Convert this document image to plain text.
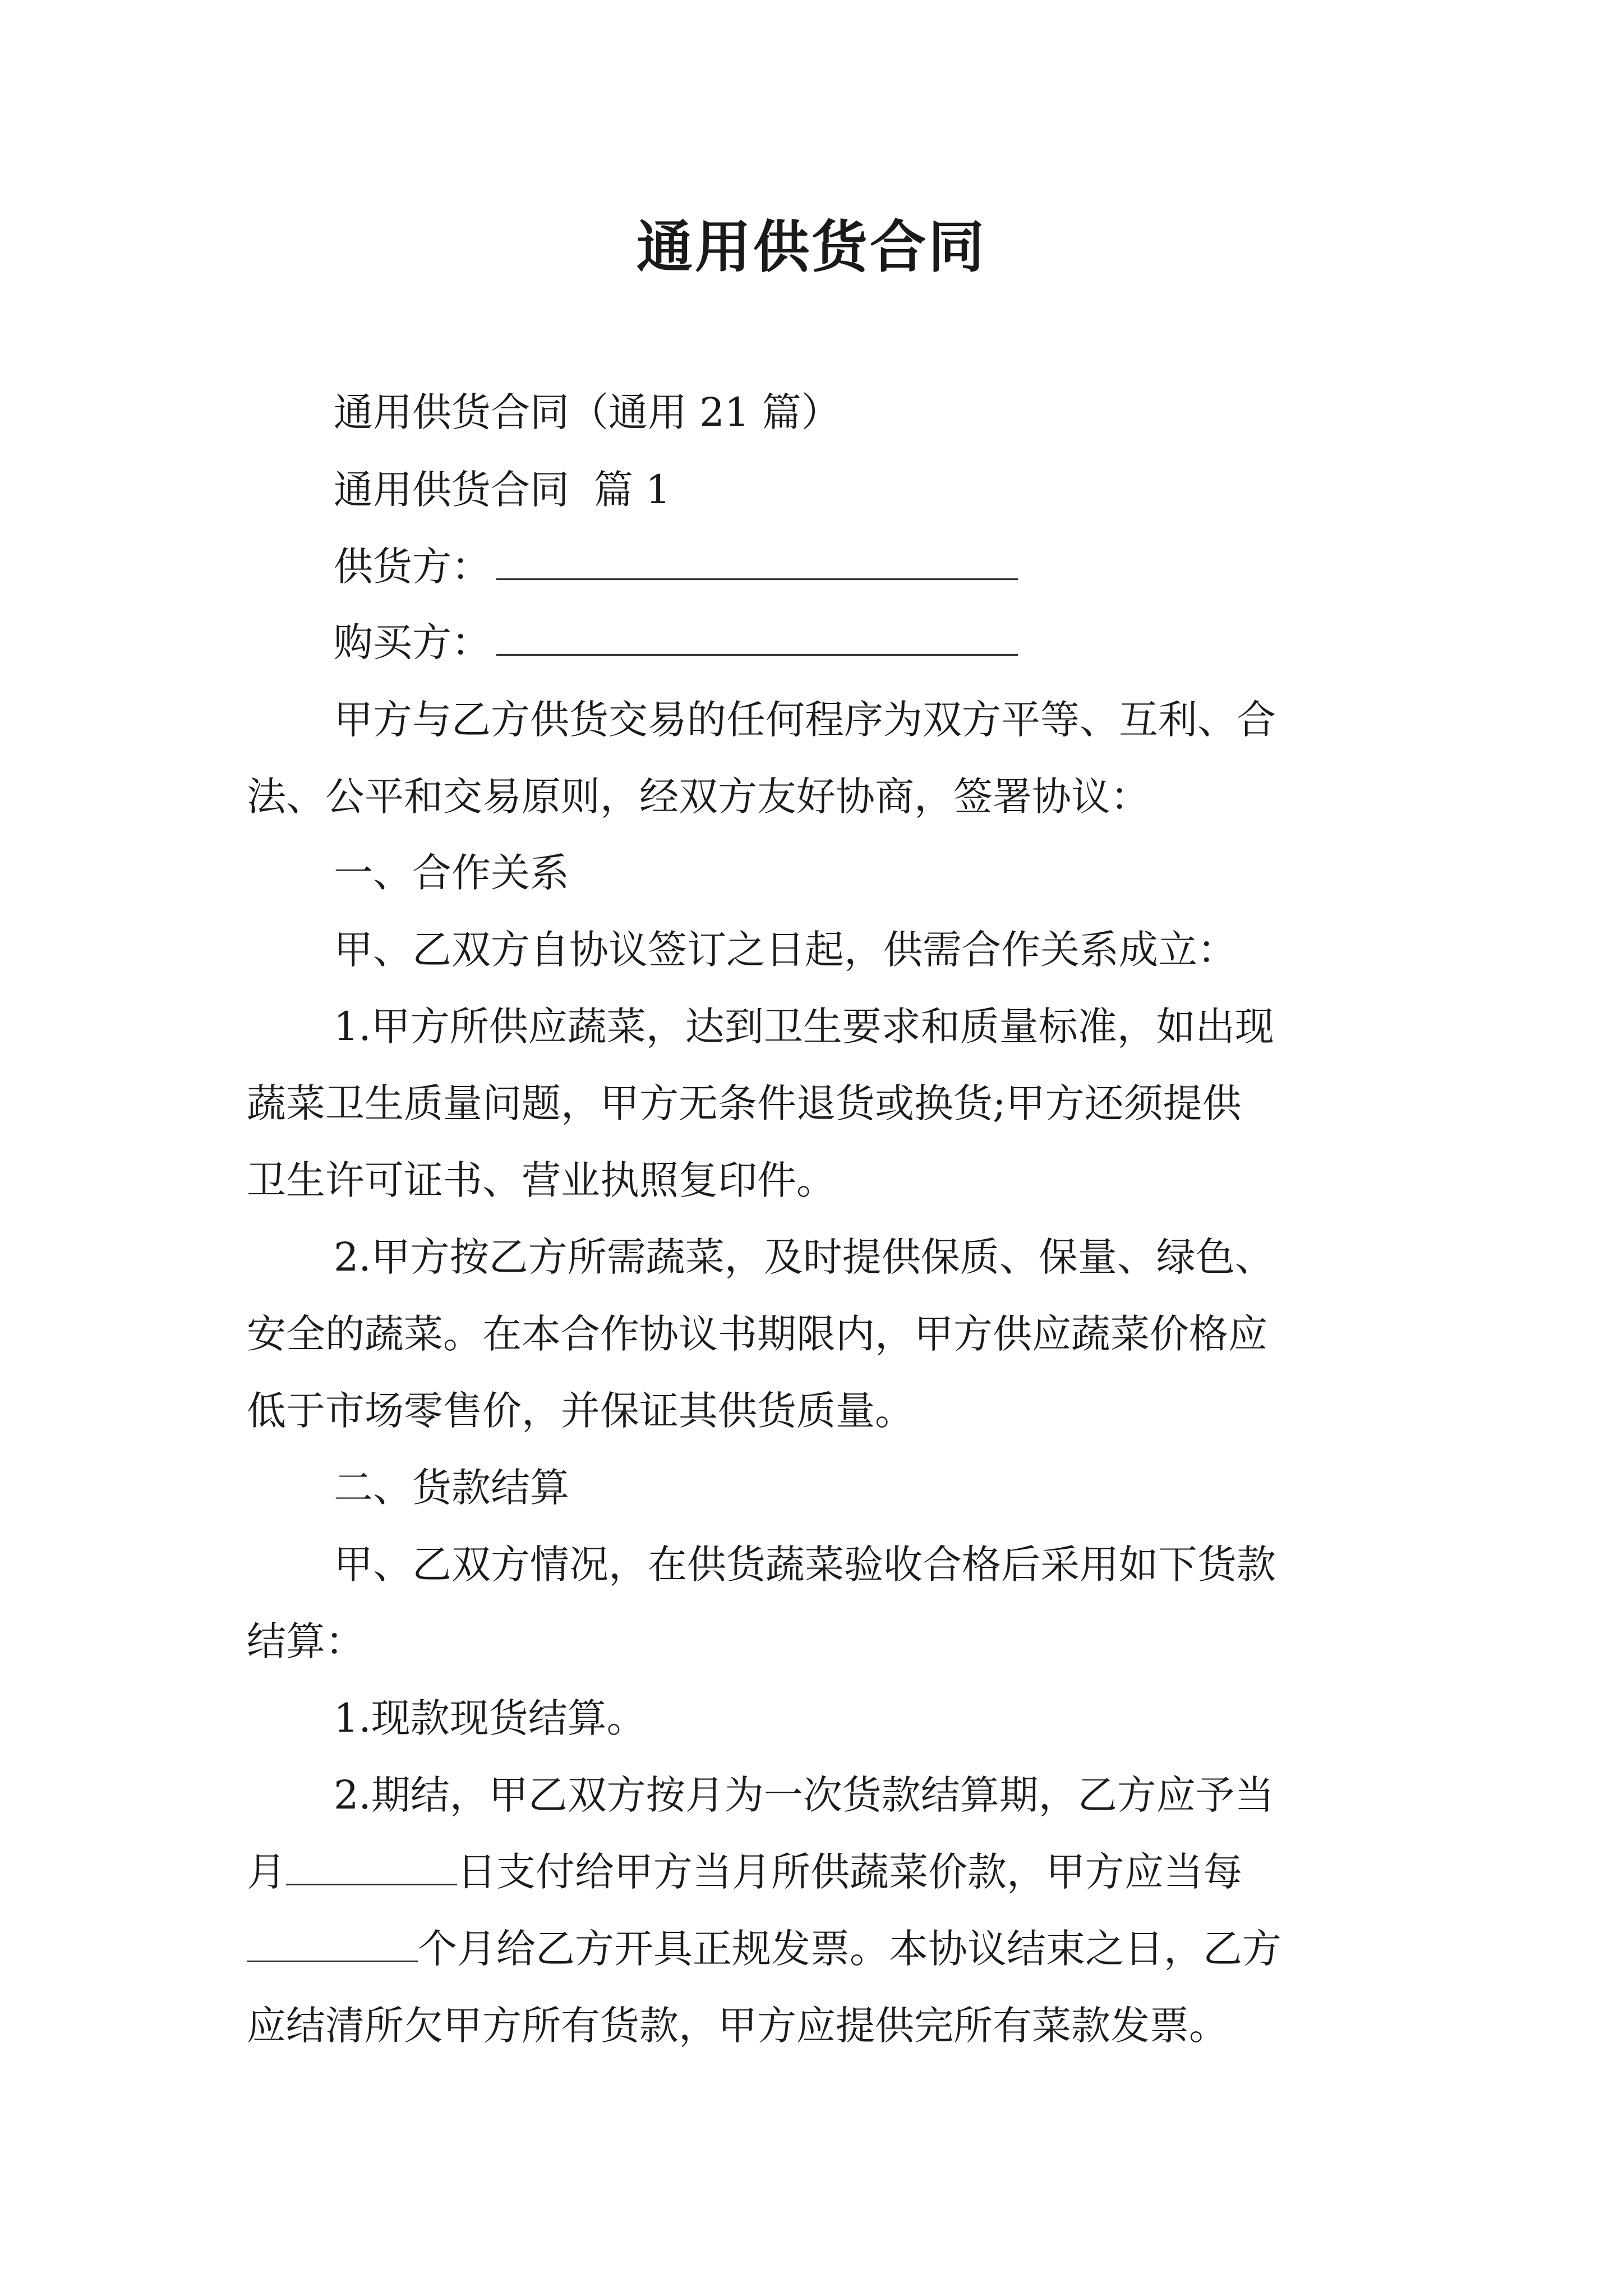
通用供货合同
通用供货合同（通用 21 篇）
通用供货合同 篇 1
供货方：
购买方：
甲方与乙方供货交易的任何程序为双方平等、互利、合
法、公平和交易原则，经双方友好协商，签署协议：
一、合作关系
甲、乙双方自协议签订之日起，供需合作关系成立：
1.甲方所供应蔬菜，达到卫生要求和质量标准，如出现
蔬菜卫生质量问题，甲方无条件退货或换货;甲方还须提供
卫生许可证书、营业执照复印件。
2.甲方按乙方所需蔬菜，及时提供保质、保量、绿色、
安全的蔬菜。在本合作协议书期限内，甲方供应蔬菜价格应
低于市场零售价，并保证其供货质量。
二、货款结算
甲、乙双方情况，在供货蔬菜验收合格后采用如下货款
结算：
1.现款现货结算。
2.期结，甲乙双方按月为一次货款结算期，乙方应予当
月	日支付给甲方当月所供蔬菜价款，甲方应当每
个月给乙方开具正规发票。本协议结束之日，乙方
应结清所欠甲方所有货款，甲方应提供完所有菜款发票。
